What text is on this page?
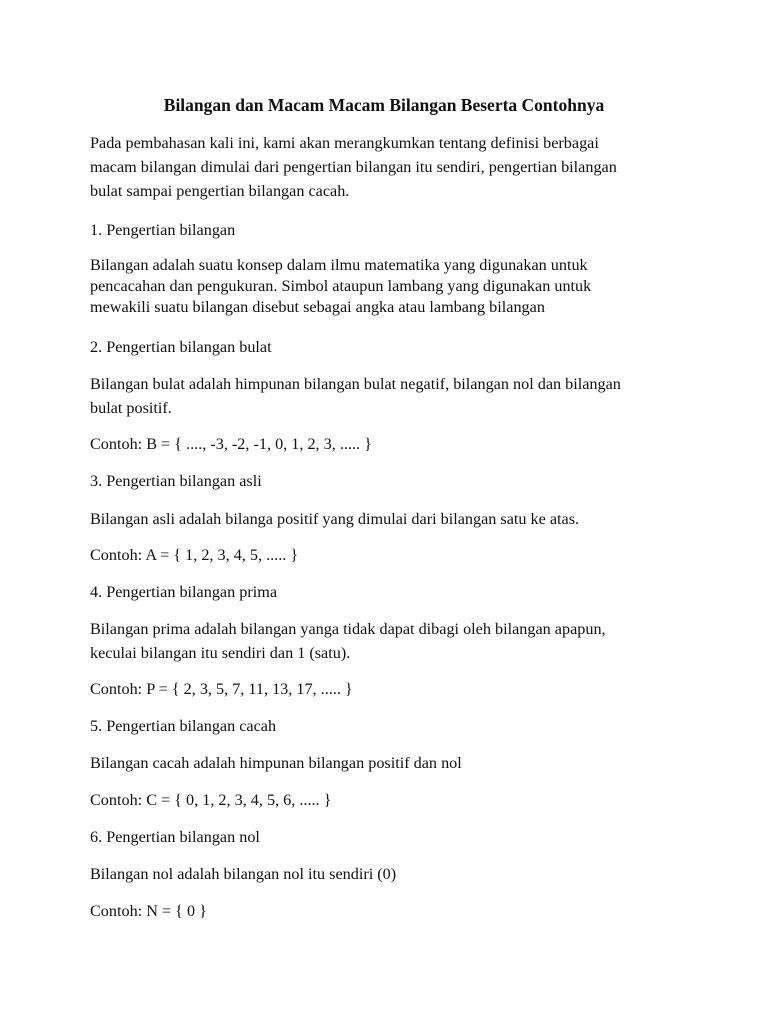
Bilangan dan Macam Macam Bilangan Beserta Contohnya

Pada pembahasan kali ini, kami akan merangkumkan tentang definisi berbagai
macam bilangan dimulai dari pengertian bilangan itu sendiri, pengertian bilangan
bulat sampai pengertian bilangan cacah.

1. Pengertian bilangan

Bilangan adalah suatu konsep dalam ilmu matematika yang digunakan untuk
pencacahan dan pengukuran. Simbol ataupun lambang yang digunakan untuk
mewakili suatu bilangan disebut sebagai angka atau lambang bilangan

2. Pengertian bilangan bulat

Bilangan bulat adalah himpunan bilangan bulat negatif, bilangan nol dan bilangan
bulat positif.

Contoh: B = { ...., -3, -2, -1, 0, 1, 2, 3, ..... }

3. Pengertian bilangan asli

Bilangan asli adalah bilanga positif yang dimulai dari bilangan satu ke atas.

Contoh: A = { 1, 2, 3, 4, 5, ..... }

4. Pengertian bilangan prima

Bilangan prima adalah bilangan yanga tidak dapat dibagi oleh bilangan apapun,
keculai bilangan itu sendiri dan 1 (satu).

Contoh: P = { 2, 3, 5, 7, 11, 13, 17, ..... }

5. Pengertian bilangan cacah

Bilangan cacah adalah himpunan bilangan positif dan nol

Contoh: C = { 0, 1, 2, 3, 4, 5, 6, ..... }

6. Pengertian bilangan nol

Bilangan nol adalah bilangan nol itu sendiri (0)

Contoh: N = { 0 }
